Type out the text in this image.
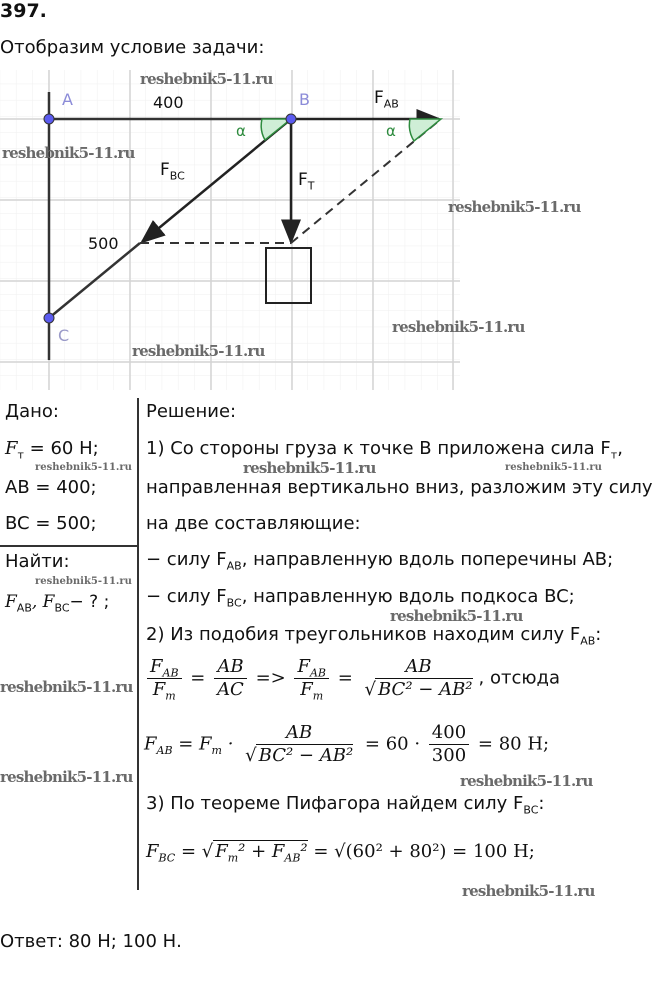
397.
Отобразим условие задачи:
A	B
C
400
500
α	α
$F_{AB}$
$F_{BC}$	$F_T$
Дано:
$F_т = 60$ Н;
AB = 400;
BC = 500;
Найти:
$F_{AB}$, $F_{BC}-$ ? ;
Решение:
1) Со стороны груза к точке B приложена сила $F_т$,
направленная вертикально вниз, разложим эту силу
на две составляющие:
− силу $F_{AB}$, направленную вдоль поперечины AB;
− силу $F_{BC}$, направленную вдоль подкоса BC;
2) Из подобия треугольников находим силу $F_{AB}$:
$\frac{F_{AB}}{F_т} = \frac{AB}{AC} => \frac{F_{AB}}{F_т} = \frac{AB}{\text{√ BC² − AB²}}$ , отсюда
$F_{AB} = F_т \cdot \frac{AB}{\text{√ BC² − AB²}} = 60 \cdot \frac{400}{300} = 80$ Н;
3) По теореме Пифагора найдем силу $F_{BC}$:
$F_{BC}$ = √ $F_т^2 + F_{AB}^2 = √(60^2 + 80^2) = 100$ Н;
Ответ: 80 Н; 100 Н.
reshebnik5-11.ru
reshebnik5-11.ru
reshebnik5-11.ru
reshebnik5-11.ru
reshebnik5-11.ru
reshebnik5-11.ru
reshebnik5-11.ru	reshebnik5-11.ru
reshebnik5-11.ru
reshebnik5-11.ru
reshebnik5-11.ru
reshebnik5-11.ru
reshebnik5-11.ru
reshebnik5-11.ru
